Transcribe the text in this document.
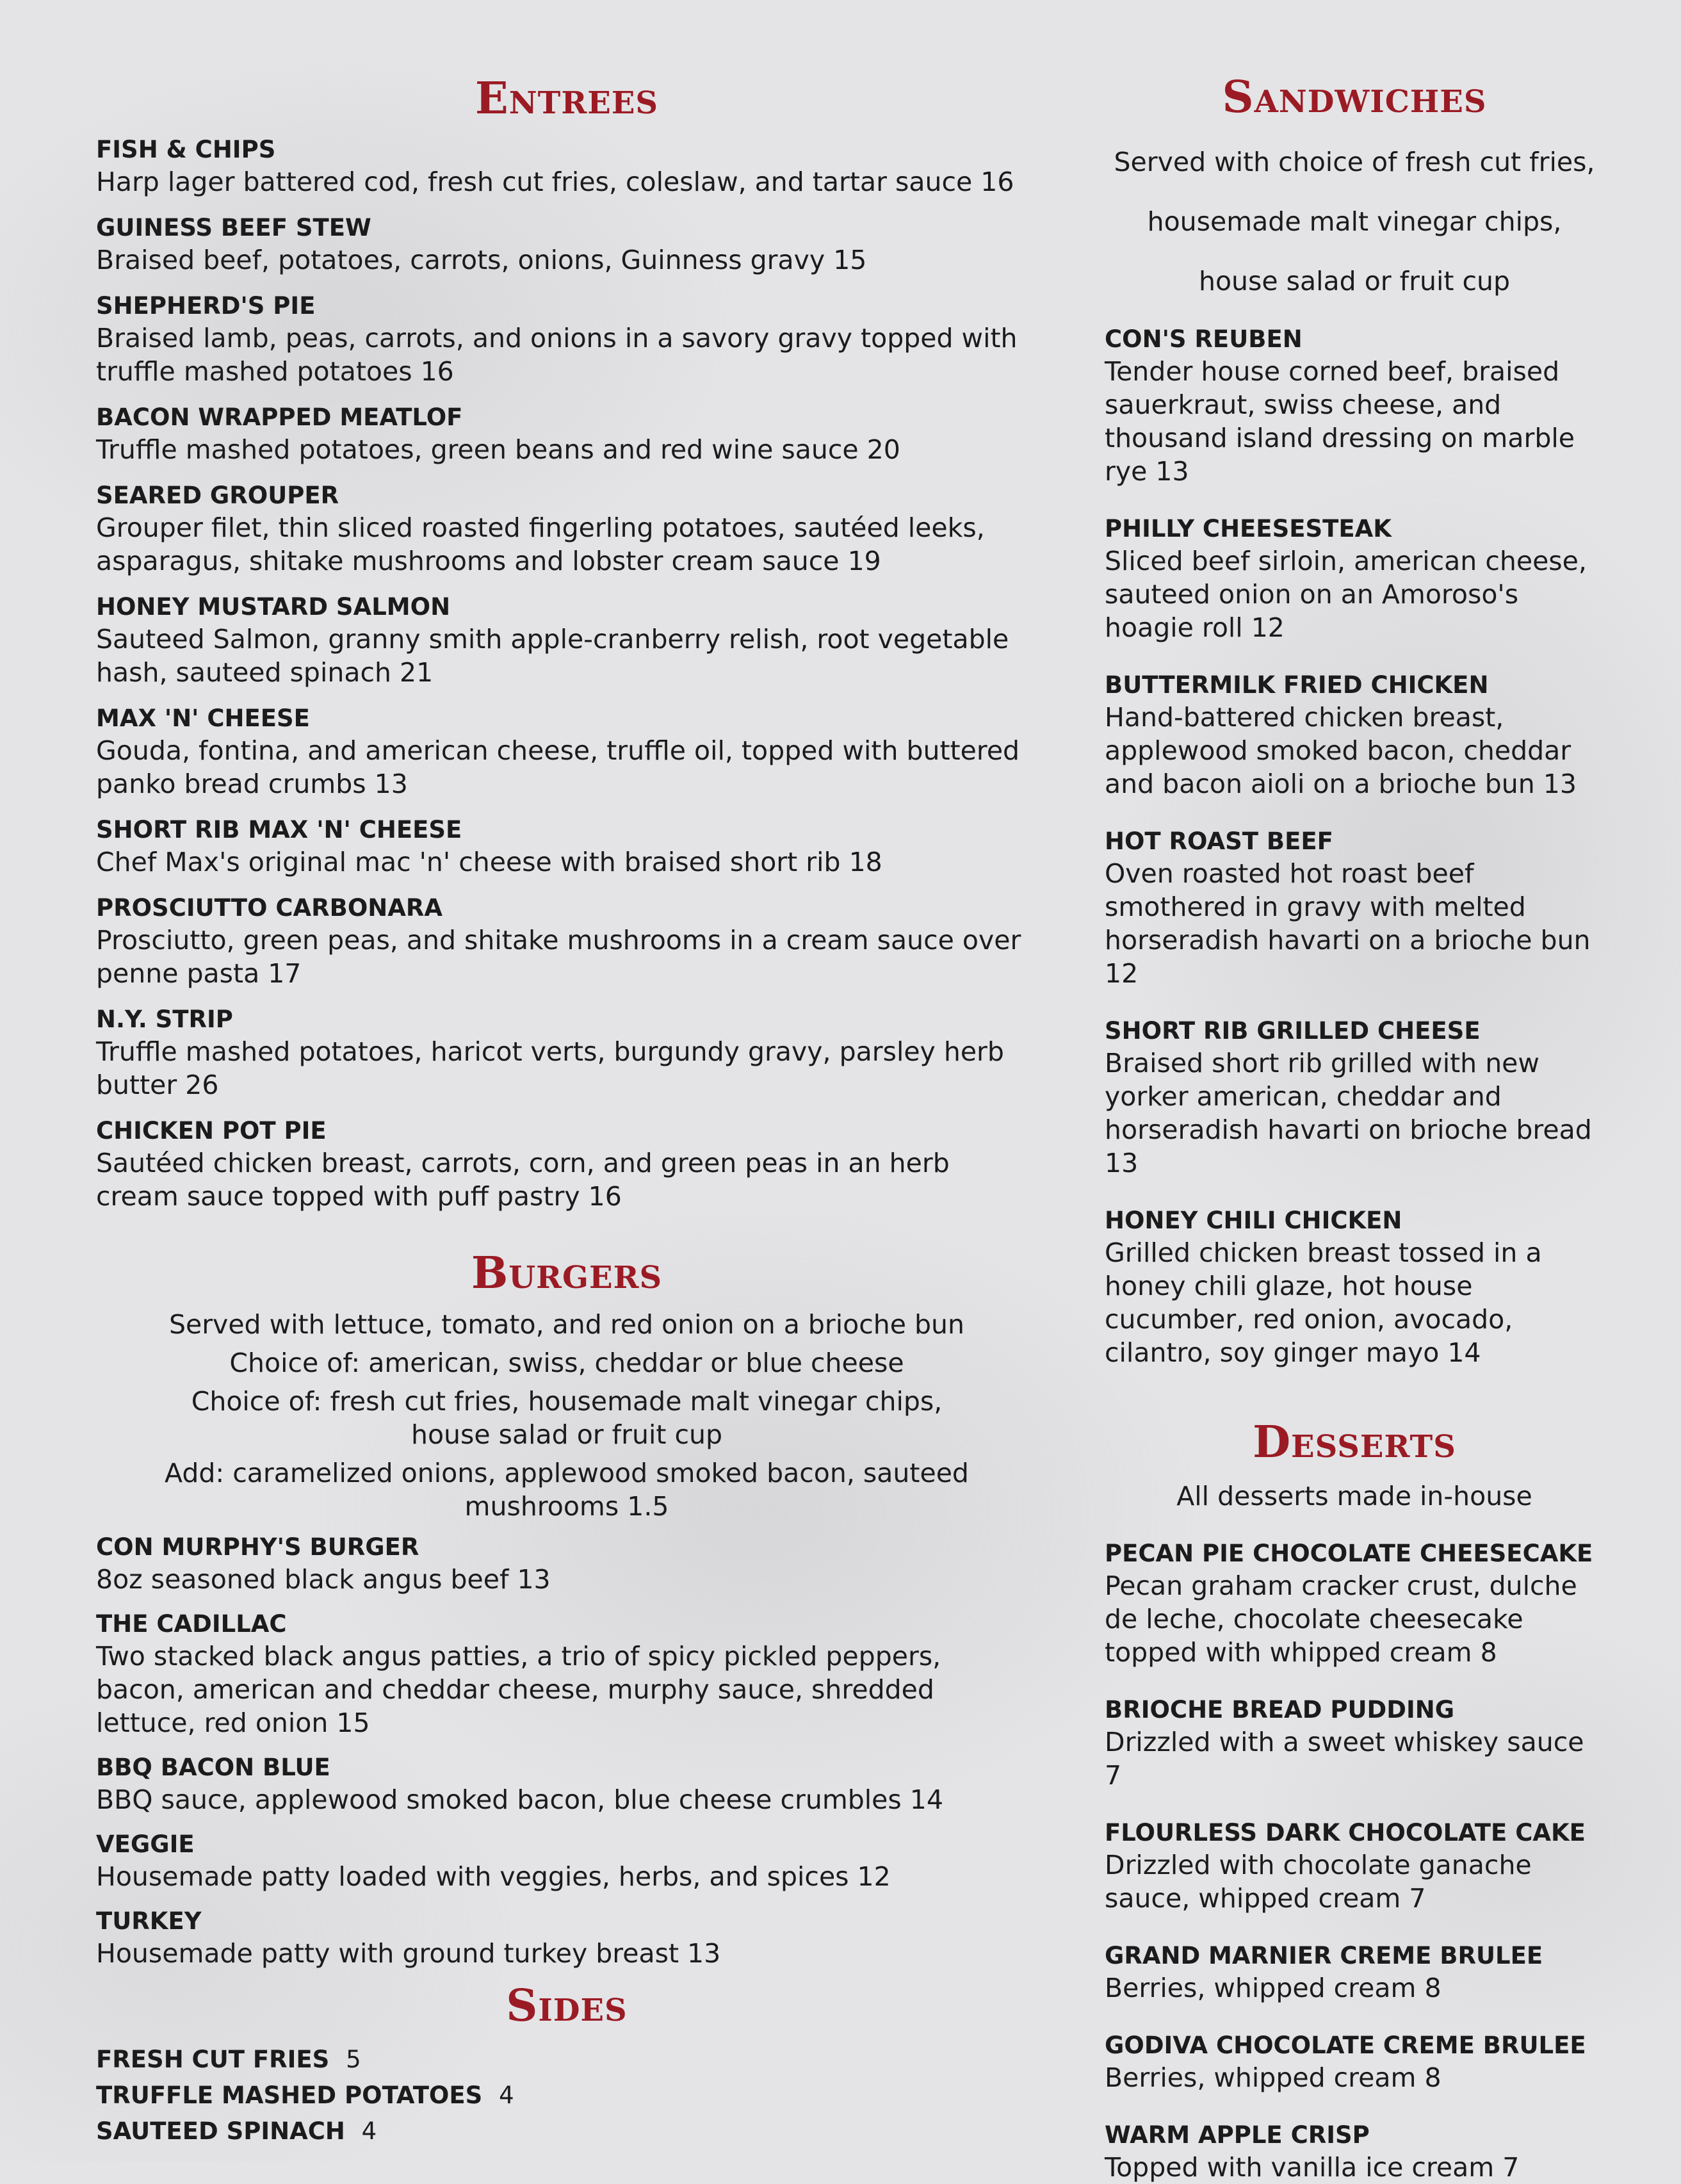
Entrees

FISH & CHIPS

Harp lager battered cod, fresh cut fries, coleslaw, and tartar sauce 16

GUINESS BEEF STEW

Braised beef, potatoes, carrots, onions, Guinness gravy 15

SHEPHERD'S PIE

Braised lamb, peas, carrots, and onions in a savory gravy topped with truffle mashed potatoes 16

BACON WRAPPED MEATLOF

Truffle mashed potatoes, green beans and red wine sauce 20

SEARED GROUPER

Grouper filet, thin sliced roasted fingerling potatoes, sautéed leeks, asparagus, shitake mushrooms and lobster cream sauce 19

HONEY MUSTARD SALMON

Sauteed Salmon, granny smith apple-cranberry relish, root vegetable hash, sauteed spinach 21

MAX 'N' CHEESE

Gouda, fontina, and american cheese, truffle oil, topped with buttered panko bread crumbs 13

SHORT RIB MAX 'N' CHEESE

Chef Max's original mac 'n' cheese with braised short rib 18

PROSCIUTTO CARBONARA

Prosciutto, green peas, and shitake mushrooms in a cream sauce over penne pasta 17

N.Y. STRIP

Truffle mashed potatoes, haricot verts, burgundy gravy, parsley herb butter 26

CHICKEN POT PIE

Sautéed chicken breast, carrots, corn, and green peas in an herb cream sauce topped with puff pastry 16

Burgers

Served with lettuce, tomato, and red onion on a brioche bun

Choice of: american, swiss, cheddar or blue cheese

Choice of: fresh cut fries, housemade malt vinegar chips,

house salad or fruit cup

Add: caramelized onions, applewood smoked bacon, sauteed mushrooms 1.5

CON MURPHY'S BURGER

8oz seasoned black angus beef 13

THE CADILLAC

Two stacked black angus patties, a trio of spicy pickled peppers, bacon, american and cheddar cheese, murphy sauce, shredded lettuce, red onion 15

BBQ BACON BLUE

BBQ sauce, applewood smoked bacon, blue cheese crumbles 14

VEGGIE

Housemade patty loaded with veggies, herbs, and spices 12

TURKEY

Housemade patty with ground turkey breast 13

Sides

FRESH CUT FRIES 5

TRUFFLE MASHED POTATOES 4

SAUTEED SPINACH 4

Sandwiches

Served with choice of fresh cut fries,

housemade malt vinegar chips,

house salad or fruit cup

CON'S REUBEN

Tender house corned beef, braised sauerkraut, swiss cheese, and thousand island dressing on marble rye 13

PHILLY CHEESESTEAK

Sliced beef sirloin, american cheese, sauteed onion on an Amoroso's hoagie roll 12

BUTTERMILK FRIED CHICKEN

Hand-battered chicken breast, applewood smoked bacon, cheddar and bacon aioli on a brioche bun 13

HOT ROAST BEEF

Oven roasted hot roast beef smothered in gravy with melted horseradish havarti on a brioche bun 12

SHORT RIB GRILLED CHEESE

Braised short rib grilled with new yorker american, cheddar and horseradish havarti on brioche bread 13

HONEY CHILI CHICKEN

Grilled chicken breast tossed in a honey chili glaze, hot house cucumber, red onion, avocado, cilantro, soy ginger mayo 14

Desserts

All desserts made in-house

PECAN PIE CHOCOLATE CHEESECAKE

Pecan graham cracker crust, dulche de leche, chocolate cheesecake topped with whipped cream 8

BRIOCHE BREAD PUDDING

Drizzled with a sweet whiskey sauce 7

FLOURLESS DARK CHOCOLATE CAKE

Drizzled with chocolate ganache sauce, whipped cream 7

GRAND MARNIER CREME BRULEE

Berries, whipped cream 8

GODIVA CHOCOLATE CREME BRULEE

Berries, whipped cream 8

WARM APPLE CRISP

Topped with vanilla ice cream 7
